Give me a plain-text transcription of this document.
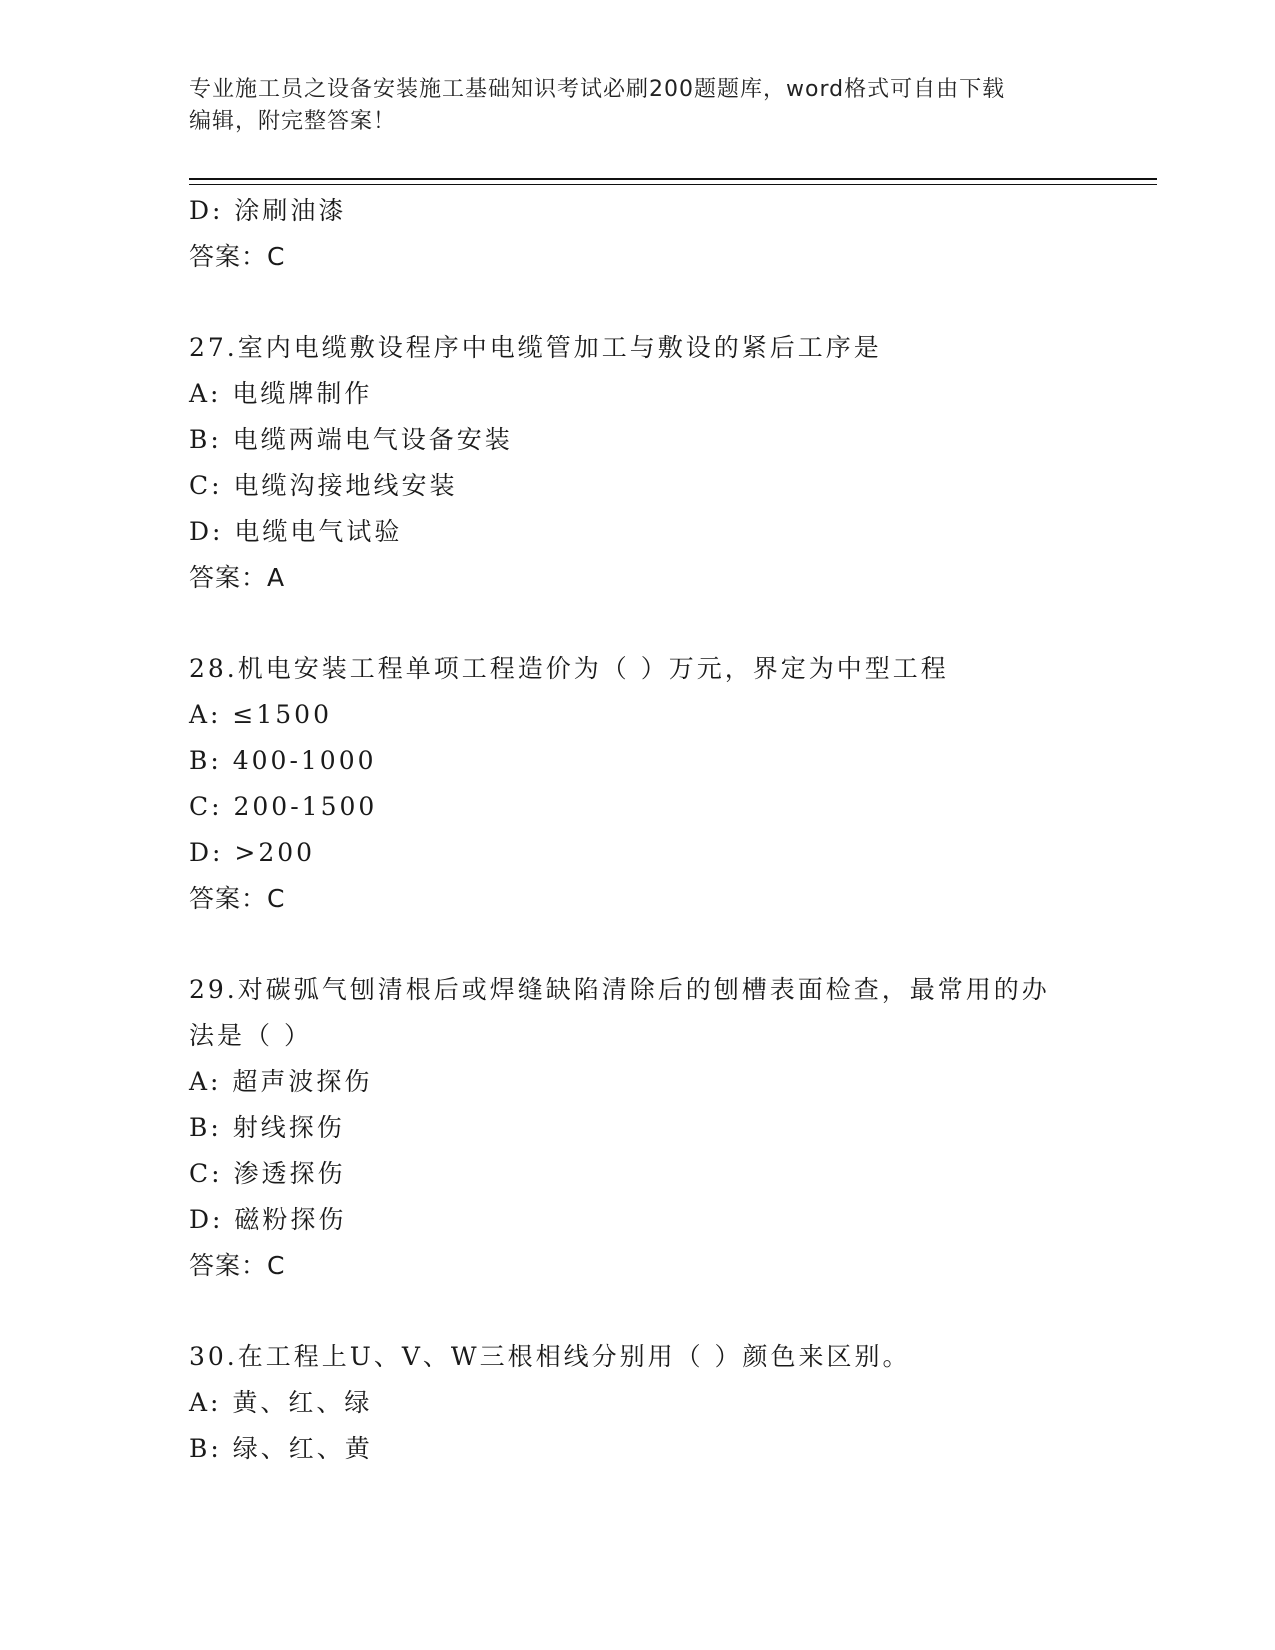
专业施工员之设备安装施工基础知识考试必刷200题题库，word格式可自由下载
编辑，附完整答案！
D: 涂刷油漆
答案：C
27.室内电缆敷设程序中电缆管加工与敷设的紧后工序是
A: 电缆牌制作
B: 电缆两端电气设备安装
C: 电缆沟接地线安装
D: 电缆电气试验
答案：A
28.机电安装工程单项工程造价为（ ）万元，界定为中型工程
A: ≤1500
B: 400-1000
C: 200-1500
D: >200
答案：C
29.对碳弧气刨清根后或焊缝缺陷清除后的刨槽表面检查，最常用的办
法是（ ）
A: 超声波探伤
B: 射线探伤
C: 渗透探伤
D: 磁粉探伤
答案：C
30.在工程上U、V、W三根相线分别用（ ）颜色来区别。
A: 黄、红、绿
B: 绿、红、黄
